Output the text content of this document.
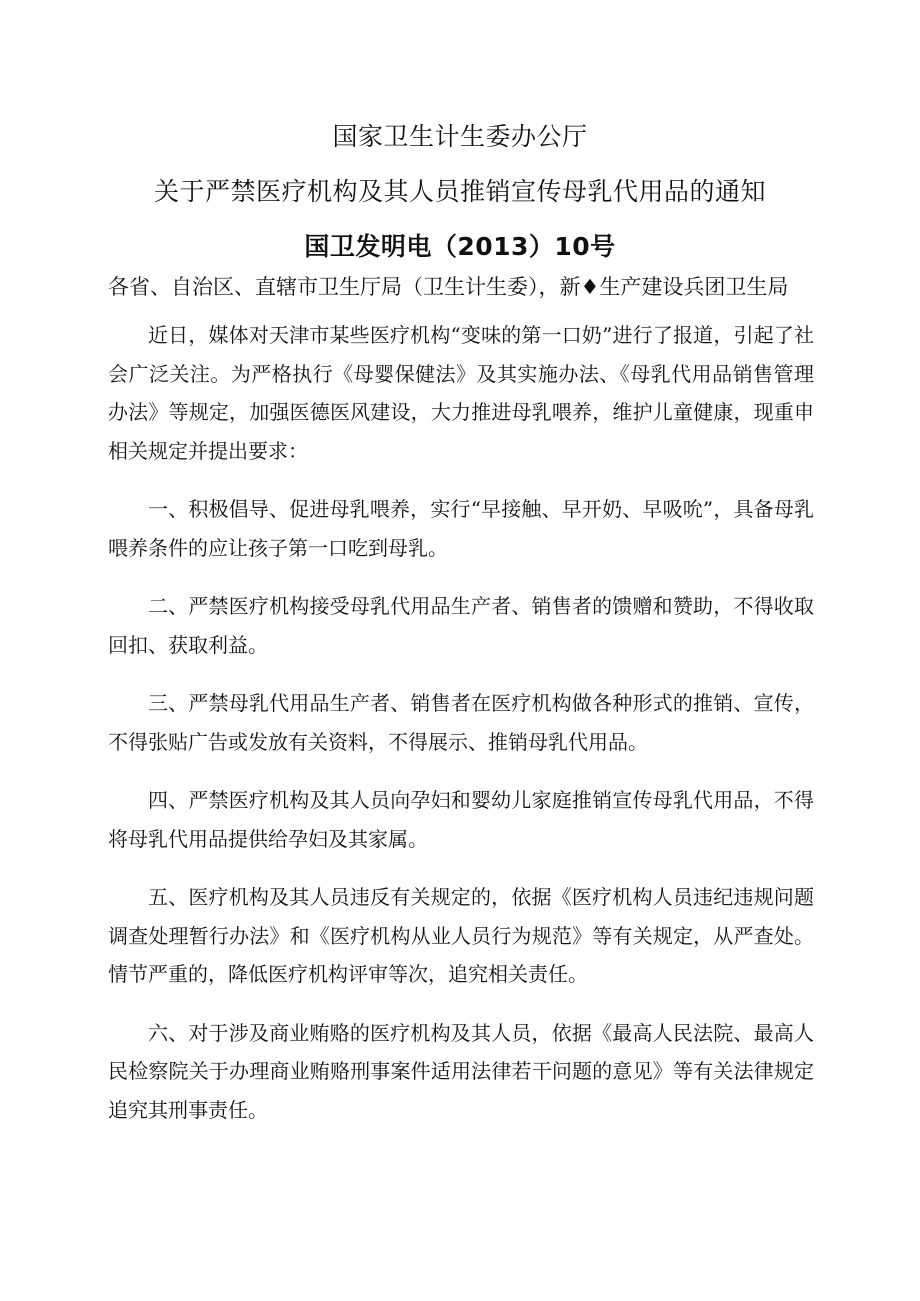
国家卫生计生委办公厅
关于严禁医疗机构及其人员推销宣传母乳代用品的通知
国卫发明电（2013）10号
各省、自治区、直辖市卫生厅局（卫生计生委），新♦生产建设兵团卫生局

近日，媒体对天津市某些医疗机构“变味的第一口奶”进行了报道，引起了社会广泛关注。为严格执行《母婴保健法》及其实施办法、《母乳代用品销售管理办法》等规定，加强医德医风建设，大力推进母乳喂养，维护儿童健康，现重申相关规定并提出要求：

一、积极倡导、促进母乳喂养，实行“早接触、早开奶、早吸吮”，具备母乳喂养条件的应让孩子第一口吃到母乳。

二、严禁医疗机构接受母乳代用品生产者、销售者的馈赠和赞助，不得收取回扣、获取利益。

三、严禁母乳代用品生产者、销售者在医疗机构做各种形式的推销、宣传，不得张贴广告或发放有关资料，不得展示、推销母乳代用品。

四、严禁医疗机构及其人员向孕妇和婴幼儿家庭推销宣传母乳代用品，不得将母乳代用品提供给孕妇及其家属。

五、医疗机构及其人员违反有关规定的，依据《医疗机构人员违纪违规问题调查处理暂行办法》和《医疗机构从业人员行为规范》等有关规定，从严查处。情节严重的，降低医疗机构评审等次，追究相关责任。

六、对于涉及商业贿赂的医疗机构及其人员，依据《最高人民法院、最高人民检察院关于办理商业贿赂刑事案件适用法律若干问题的意见》等有关法律规定追究其刑事责任。
